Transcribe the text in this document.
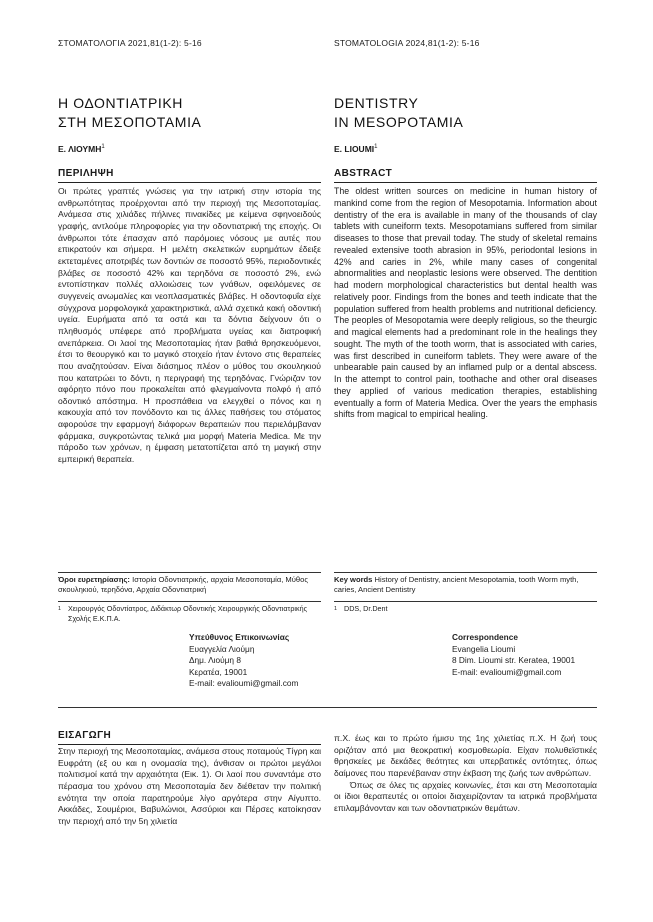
ΣΤΟΜΑΤΟΛΟΓΙΑ 2021,81(1-2): 5-16	STOMATOLOGIA 2024,81(1-2): 5-16
Η ΟΔΟΝΤΙΑΤΡΙΚΗ
ΣΤΗ ΜΕΣΟΠΟΤΑΜΙΑ
DENTISTRY
IN MESOPOTAMIA
Ε. ΛΙΟΥΜΗ$^1$	E. LIOUMI$^1$
ΠΕΡΙΛΗΨΗ	ABSTRACT

Οι πρώτες γραπτές γνώσεις για την ιατρική στην ιστορία της ανθρωπότητας προέρχονται από την περιοχή της Μεσοποταμίας. Ανάμεσα στις χιλιάδες πήλινες πινακίδες με κείμενα σφηνοειδούς γραφής, αντλούμε πληροφορίες για την οδοντιατρική της εποχής. Οι άνθρωποι τότε έπασχαν από παρόμοιες νόσους με αυτές που επικρατούν και σήμερα. Η μελέτη σκελετικών ευρημάτων έδειξε εκτεταμένες αποτριβές των δοντιών σε ποσοστό 95%, περιοδοντικές βλάβες σε ποσοστό 42% και τερηδόνα σε ποσοστό 2%, ενώ εντοπίστηκαν πολλές αλλοιώσεις των γνάθων, οφειλόμενες σε συγγενείς ανωμαλίες και νεοπλασματικές βλάβες. Η οδοντοφυΐα είχε σύγχρονα μορφολογικά χαρακτηριστικά, αλλά σχετικά κακή οδοντική υγεία. Ευρήματα από τα οστά και τα δόντια δείχνουν ότι ο πληθυσμός υπέφερε από προβλήματα υγείας και διατροφική ανεπάρκεια. Οι λαοί της Μεσοποταμίας ήταν βαθιά θρησκευόμενοι, έτσι το θεουργικό και το μαγικό στοιχείο ήταν έντονο στις θεραπείες που αναζητούσαν. Είναι διάσημος πλέον ο μύθος του σκουληκιού που κατατρώει το δόντι, η περιγραφή της τερηδόνας. Γνώριζαν τον αφόρητο πόνο που προκαλείται από φλεγμαίνοντα πολφό ή από οδοντικό απόστημα. Η προσπάθεια να ελεγχθεί ο πόνος και η κακουχία από τον πονόδοντο και τις άλλες παθήσεις του στόματος αφορούσε την εφαρμογή διάφορων θεραπειών που περιελάμβαναν φάρμακα, συγκροτώντας τελικά μια μορφή Materia Medica. Με την πάροδο των χρόνων, η έμφαση μετατοπίζεται από τη μαγική στην εμπειρική θεραπεία.

The oldest written sources on medicine in human history of mankind come from the region of Mesopotamia. Information about dentistry of the era is available in many of the thousands of clay tablets with cuneiform texts. Mesopotamians suffered from similar diseases to those that prevail today. The study of skeletal remains revealed extensive tooth abrasion in 95%, periodontal lesions in 42% and caries in 2%, while many cases of congenital abnormalities and neoplastic lesions were observed. The dentition had modern morphological characteristics but dental health was relatively poor. Findings from the bones and teeth indicate that the population suffered from health problems and nutritional deficiency. The peoples of Mesopotamia were deeply religious, so the theurgic and magical elements had a predominant role in the healings they sought. The myth of the tooth worm, that is associated with caries, was first described in cuneiform tablets. They were aware of the unbearable pain caused by an inflamed pulp or a dental abscess. In the attempt to control pain, toothache and other oral diseases they applied of various medication therapies, establishing eventually a form of Materia Medica. Over the years the emphasis shifts from magical to empirical healing.

Όροι ευρετηρίασης: Ιστορία Οδοντιατρικής, αρχαία Μεσοποταμία, Μύθος σκουληκιού, τερηδόνα, Αρχαία Οδοντιατρική
Key words History of Dentistry, ancient Mesopotamia, tooth Worm myth, caries, Ancient Dentistry
1 Χειρουργός Οδοντίατρος, Διδάκτωρ Οδοντικής Χειρουργικής Οδοντιατρικής Σχολής Ε.Κ.Π.Α.
1 DDS, Dr.Dent
Υπεύθυνος Επικοινωνίας
Ευαγγελία Λιούμη
Δημ. Λιούμη 8
Κερατέα, 19001
E-mail: evalioumi@gmail.com
Correspondence
Evangelia Lioumi
8 Dim. Lioumi str. Keratea, 19001
E-mail: evalioumi@gmail.com
ΕΙΣΑΓΩΓΗ

Στην περιοχή της Μεσοποταμίας, ανάμεσα στους ποταμούς Τίγρη και Ευφράτη (εξ ου και η ονομασία της), άνθισαν οι πρώτοι μεγάλοι πολιτισμοί κατά την αρχαιότητα (Εικ. 1). Οι λαοί που συναντάμε στο πέρασμα του χρόνου στη Μεσοποταμία δεν διέθεταν την πολιτική ενότητα την οποία παρατηρούμε λίγο αργότερα στην Αίγυπτο. Ακκάδες, Σουμέριοι, Βαβυλώνιοι, Ασσύριοι και Πέρσες κατοίκησαν την περιοχή από την 5η χιλιετία

π.Χ. έως και το πρώτο ήμισυ της 1ης χιλιετίας π.Χ. Η ζωή τους οριζόταν από μια θεοκρατική κοσμοθεωρία. Είχαν πολυθεϊστικές θρησκείες με δεκάδες θεότητες και υπερβατικές οντότητες, όπως δαίμονες που παρενέβαιναν στην έκβαση της ζωής των ανθρώπων.

Όπως σε όλες τις αρχαίες κοινωνίες, έτσι και στη Μεσοποταμία οι ίδιοι θεραπευτές οι οποίοι διαχειρίζονταν τα ιατρικά προβλήματα επιλαμβάνονταν και των οδοντιατρικών θεμάτων.
